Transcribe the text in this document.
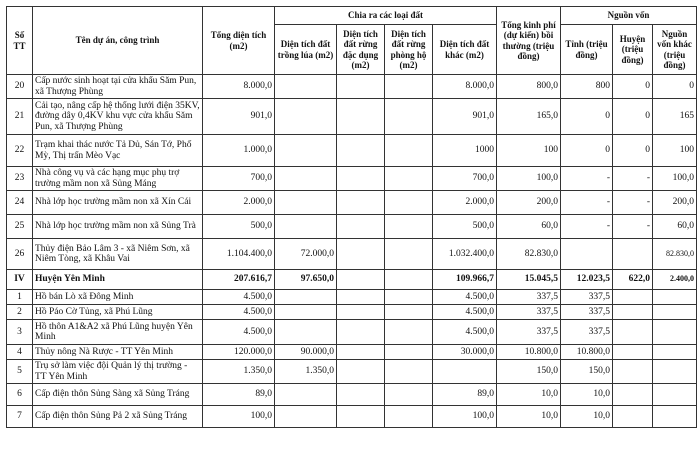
Số TT	Tên dự án, công trình	Tổng diện tích (m2)	Chia ra các loại đất				Tổng kinh phí (dự kiến) bồi thường (triệu đồng)	Nguồn vốn		
			Diện tích đất trồng lúa (m2)	Diện tích đất rừng đặc dụng (m2)	Diện tích đất rừng phòng hộ (m2)	Diện tích đất khác (m2)		Tỉnh (triệu đồng)	Huyện (triệu đồng)	Nguồn vốn khác (triệu đồng)
20	Cấp nước sinh hoạt tại cửa khẩu Săm Pun, xã Thượng Phùng	8.000,0				8.000,0	800,0	800	0	0
21	Cải tạo, nâng cấp hệ thống lưới điện 35KV, đường dây 0,4KV khu vực cửa khẩu Săm Pun, xã Thượng Phùng	901,0				901,0	165,0	0	0	165
22	Trạm khai thác nước Tả Dủ, Sán Tớ, Phố Mỳ, Thị trấn Mèo Vạc	1.000,0				1000	100	0	0	100
23	Nhà công vụ và các hạng mục phụ trợ trường mầm non xã Sủng Máng	700,0				700,0	100,0	-	-	100,0
24	Nhà lớp học trường mầm non xã Xín Cái	2.000,0				2.000,0	200,0	-	-	200,0
25	Nhà lớp học trường mầm non xã Sủng Trà	500,0				500,0	60,0	-	-	60,0
26	Thủy điện Bảo Lâm 3 - xã Niêm Sơn, xã Niêm Tòng, xã Khâu Vai	1.104.400,0	72.000,0			1.032.400,0	82.830,0			82.830,0
IV	Huyện Yên Minh	207.616,7	97.650,0			109.966,7	15.045,5	12.023,5	622,0	2.400,0
1	Hồ bán Lò xã Đông Minh	4.500,0				4.500,0	337,5	337,5		
2	Hồ Páo Cờ Tủng, xã Phú Lũng	4.500,0				4.500,0	337,5	337,5		
3	Hồ thôn A1&A2 xã Phú Lũng huyện Yên Minh	4.500,0				4.500,0	337,5	337,5		
4	Thủy nông Nà Rược - TT Yên Minh	120.000,0	90.000,0			30.000,0	10.800,0	10.800,0		
5	Trụ sở làm việc đội Quản lý thị trường - TT Yên Minh	1.350,0	1.350,0				150,0	150,0		
6	Cấp điện thôn Sủng Sàng xã Sủng Tráng	89,0				89,0	10,0	10,0		
7	Cấp điện thôn Sủng Pả 2 xã Sủng Tráng	100,0				100,0	10,0	10,0		
